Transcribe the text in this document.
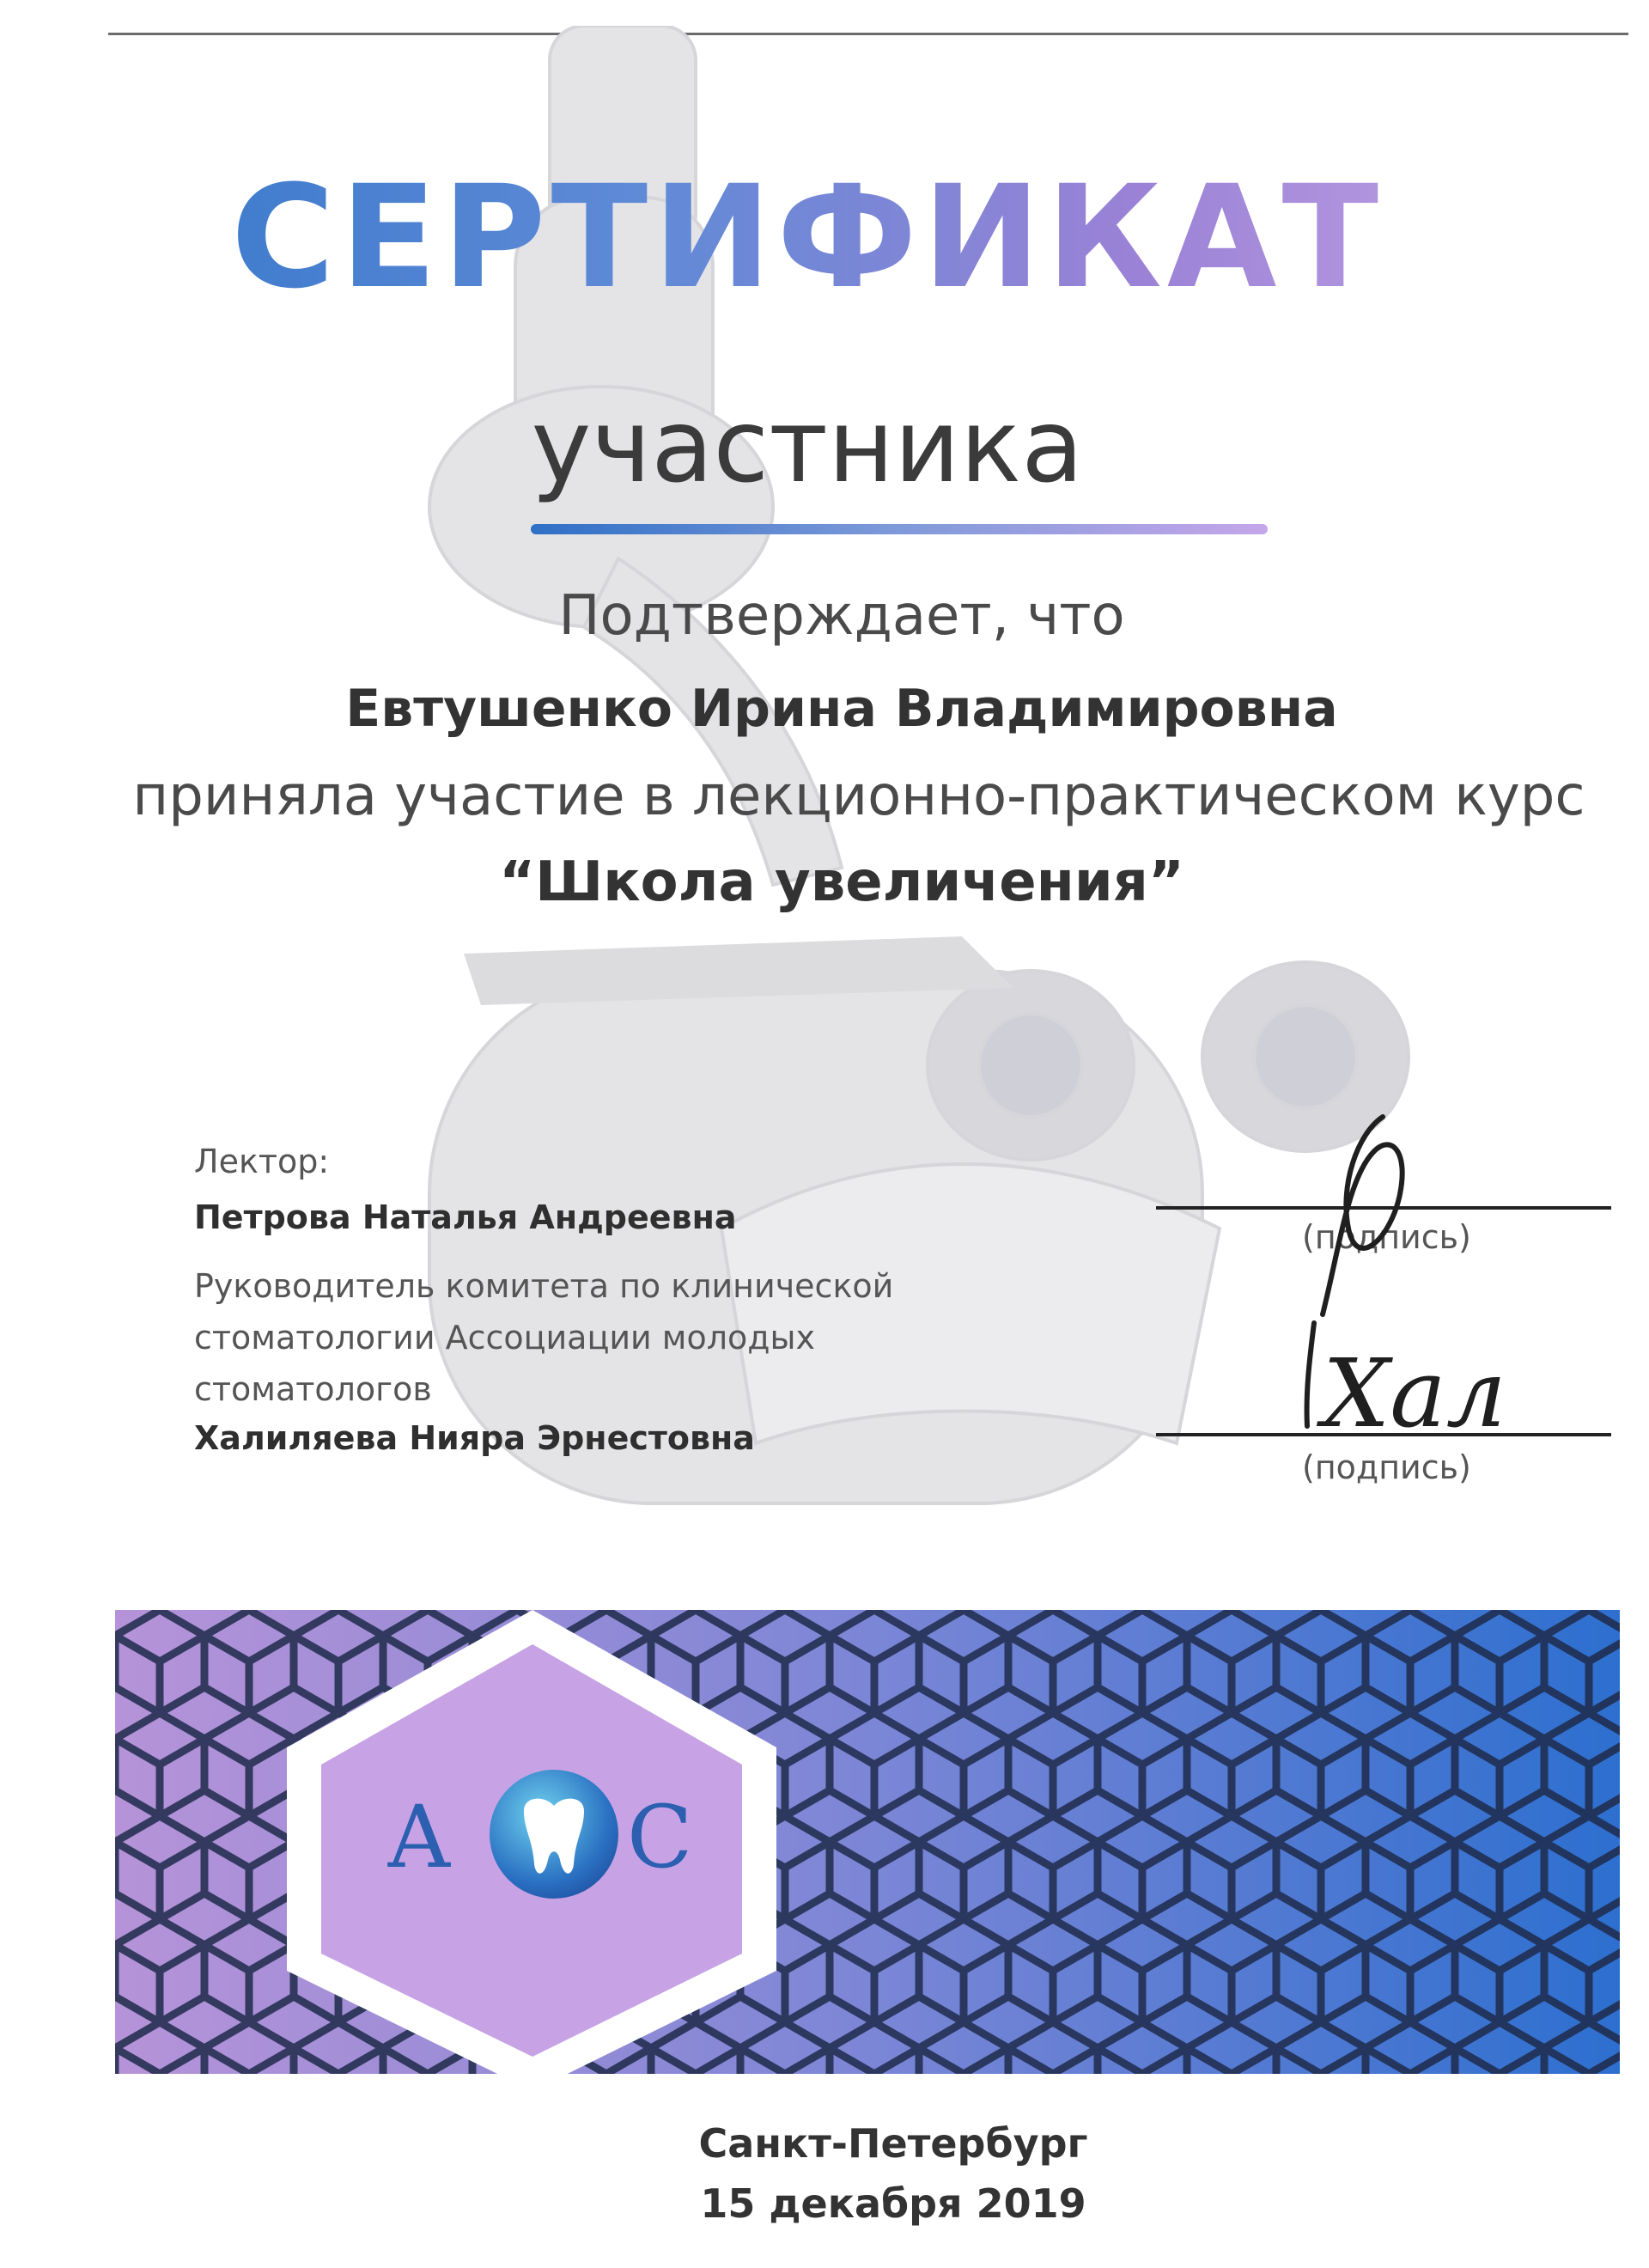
СЕРТИФИКАТ
участника
Подтверждает, что
Евтушенко Ирина Владимировна
приняла участие в лекционно-практическом курс
“Школа увеличения”
Лектор:
Петрова Наталья Андреевна
Руководитель комитета по клинической
стоматологии Ассоциации молодых
стоматологов
Халиляева Нияра Эрнестовна
(подпись)
(подпись)
Хал
А С
Санкт-Петербург
15 декабря 2019
